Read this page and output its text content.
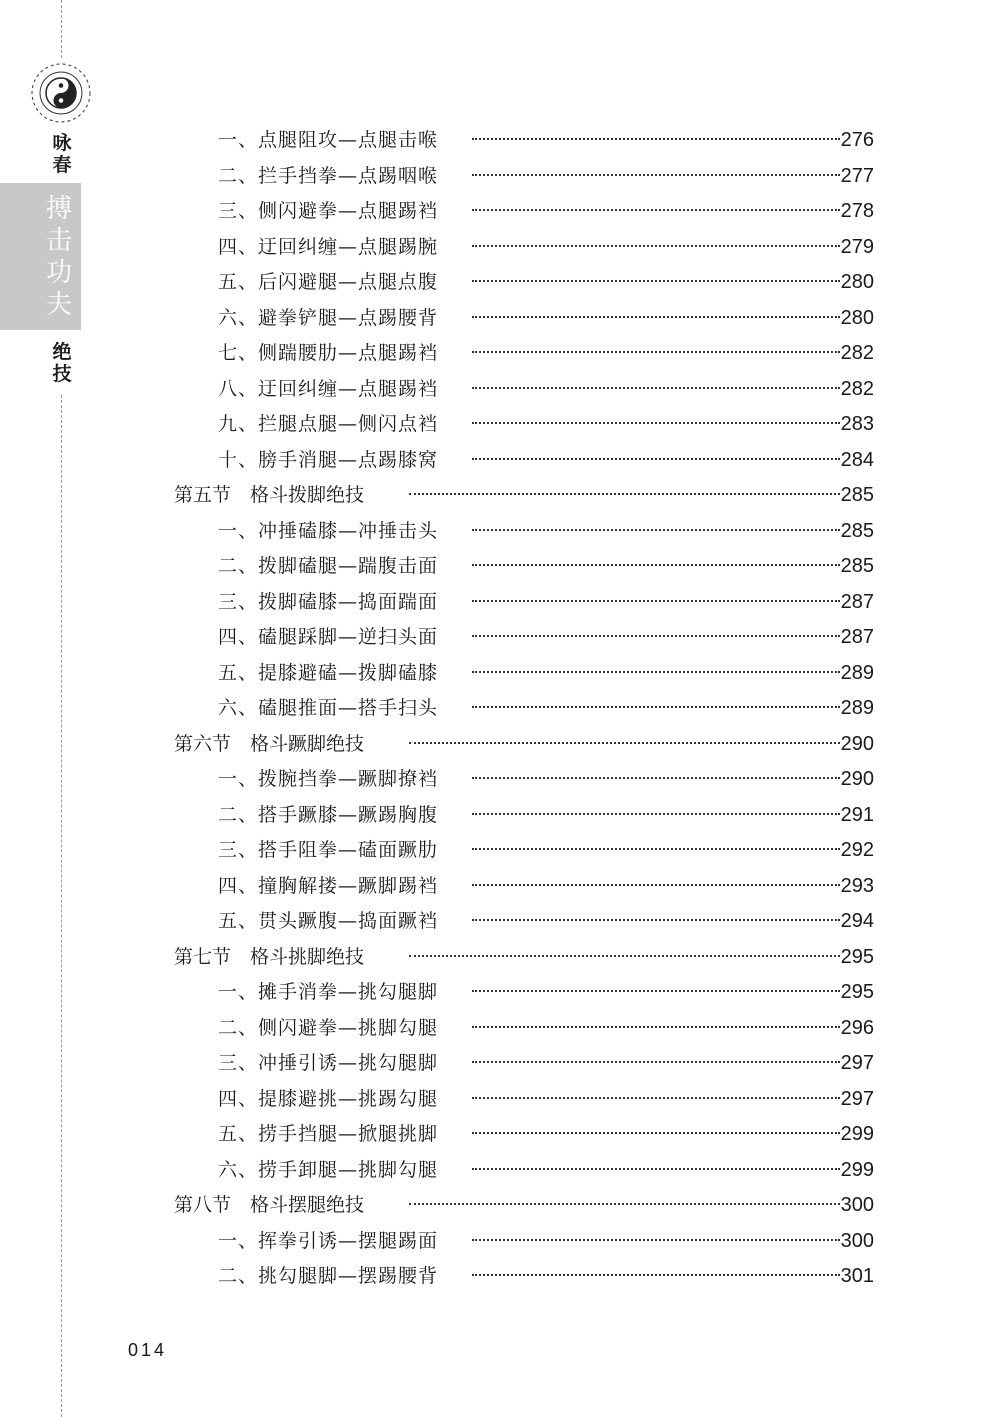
咏
春
搏
击
功
夫
绝
技
一、点腿阻攻—点腿击喉	276
二、拦手挡拳—点踢咽喉	277
三、侧闪避拳—点腿踢裆	278
四、迂回纠缠—点腿踢腕	279
五、后闪避腿—点腿点腹	280
六、避拳铲腿—点踢腰背	280
七、侧踹腰肋—点腿踢裆	282
八、迂回纠缠—点腿踢裆	282
九、拦腿点腿—侧闪点裆	283
十、膀手消腿—点踢膝窝	284
第五节　格斗拨脚绝技	285
一、冲捶磕膝—冲捶击头	285
二、拨脚磕腿—踹腹击面	285
三、拨脚磕膝—捣面踹面	287
四、磕腿踩脚—逆扫头面	287
五、提膝避磕—拨脚磕膝	289
六、磕腿推面—搭手扫头	289
第六节　格斗蹶脚绝技	290
一、拨腕挡拳—蹶脚撩裆	290
二、搭手蹶膝—蹶踢胸腹	291
三、搭手阻拳—磕面蹶肋	292
四、撞胸解搂—蹶脚踢裆	293
五、贯头蹶腹—捣面蹶裆	294
第七节　格斗挑脚绝技	295
一、摊手消拳—挑勾腿脚	295
二、侧闪避拳—挑脚勾腿	296
三、冲捶引诱—挑勾腿脚	297
四、提膝避挑—挑踢勾腿	297
五、捞手挡腿—掀腿挑脚	299
六、捞手卸腿—挑脚勾腿	299
第八节　格斗摆腿绝技	300
一、挥拳引诱—摆腿踢面	300
二、挑勾腿脚—摆踢腰背	301
014
